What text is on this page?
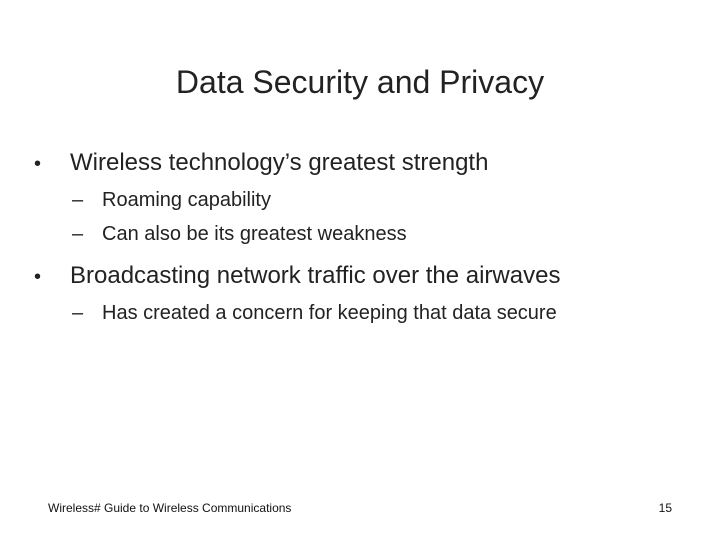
Data Security and Privacy
•	Wireless technology’s greatest strength
– Roaming capability
– Can also be its greatest weakness
•	Broadcasting network traffic over the airwaves
– Has created a concern for keeping that data secure
Wireless# Guide to Wireless Communications	15
